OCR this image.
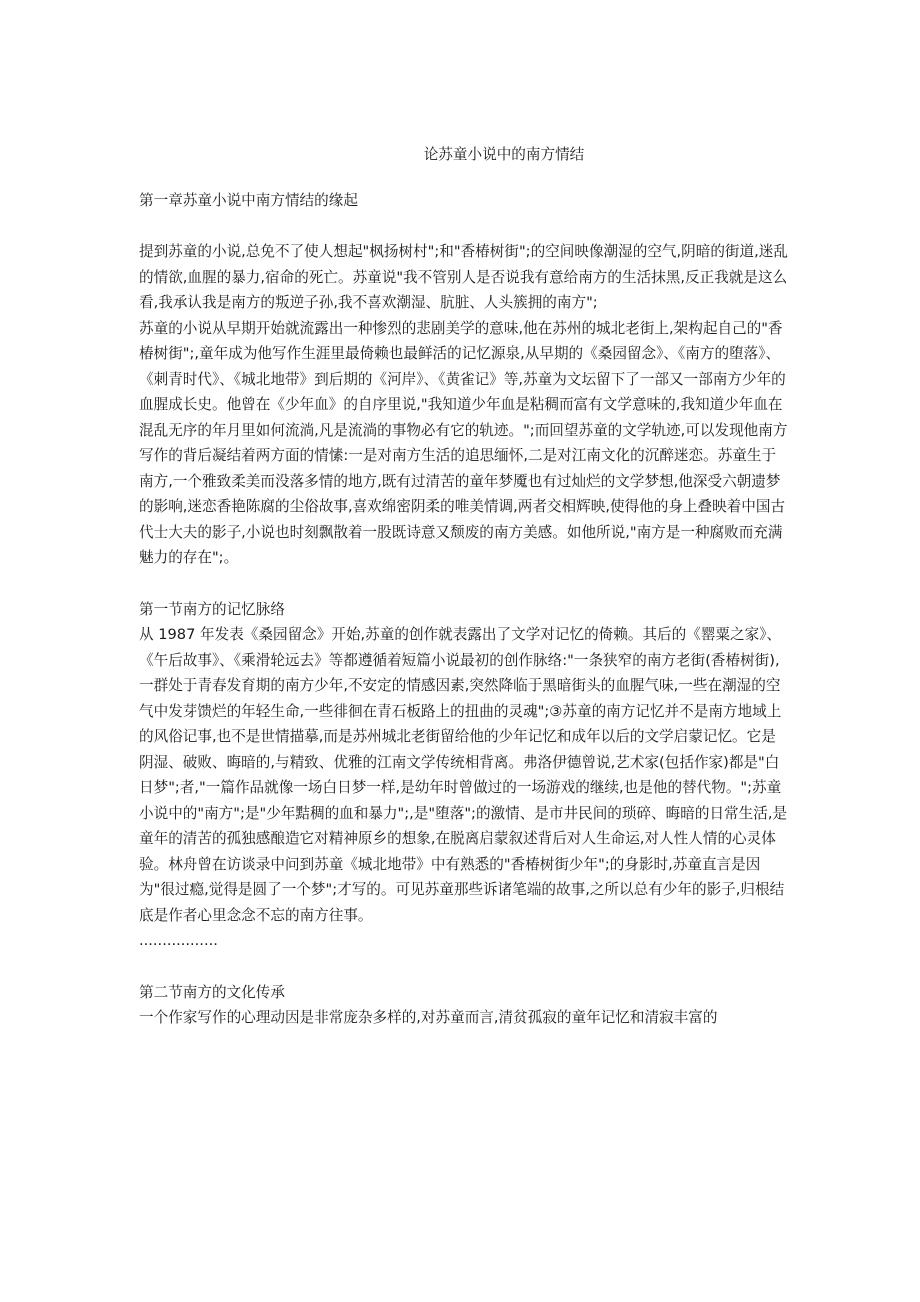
论苏童小说中的南方情结

第一章苏童小说中南方情结的缘起

提到苏童的小说,总免不了使人想起"枫扬树村";和"香椿树街";的空间映像潮湿的空气,阴暗的街道,迷乱的情欲,血腥的暴力,宿命的死亡。苏童说"我不管别人是否说我有意给南方的生活抹黑,反正我就是这么看,我承认我是南方的叛逆子孙,我不喜欢潮湿、肮脏、人头簇拥的南方";

苏童的小说从早期开始就流露出一种惨烈的悲剧美学的意味,他在苏州的城北老街上,架构起自己的"香椿树街";,童年成为他写作生涯里最倚赖也最鲜活的记忆源泉,从早期的《桑园留念》、《南方的堕落》、《刺青时代》、《城北地带》到后期的《河岸》、《黄雀记》等,苏童为文坛留下了一部又一部南方少年的血腥成长史。他曾在《少年血》的自序里说,"我知道少年血是粘稠而富有文学意味的,我知道少年血在混乱无序的年月里如何流淌,凡是流淌的事物必有它的轨迹。";而回望苏童的文学轨迹,可以发现他南方写作的背后凝结着两方面的情愫:一是对南方生活的追思缅怀,二是对江南文化的沉醉迷恋。苏童生于南方,一个雅致柔美而没落多情的地方,既有过清苦的童年梦魇也有过灿烂的文学梦想,他深受六朝遗梦的影响,迷恋香艳陈腐的尘俗故事,喜欢绵密阴柔的唯美情调,两者交相辉映,使得他的身上叠映着中国古代士大夫的影子,小说也时刻飘散着一股既诗意又颓废的南方美感。如他所说,"南方是一种腐败而充满魅力的存在";。

第一节南方的记忆脉络

从 1987 年发表《桑园留念》开始,苏童的创作就表露出了文学对记忆的倚赖。其后的《罂粟之家》、《午后故事》、《乘滑轮远去》等都遵循着短篇小说最初的创作脉络:"一条狭窄的南方老街(香椿树街),一群处于青春发育期的南方少年,不安定的情感因素,突然降临于黑暗街头的血腥气味,一些在潮湿的空气中发芽馈烂的年轻生命,一些徘徊在青石板路上的扭曲的灵魂";③苏童的南方记忆并不是南方地域上的风俗记事,也不是世情描摹,而是苏州城北老街留给他的少年记忆和成年以后的文学启蒙记忆。它是阴湿、破败、晦暗的,与精致、优雅的江南文学传统相背离。弗洛伊德曾说,艺术家(包括作家)都是"白日梦";者,"一篇作品就像一场白日梦一样,是幼年时曾做过的一场游戏的继续,也是他的替代物。";苏童小说中的"南方";是"少年黠稠的血和暴力";,是"堕落";的激情、是市井民间的琐碎、晦暗的日常生活,是童年的清苦的孤独感酿造它对精神原乡的想象,在脱离启蒙叙述背后对人生命运,对人性人情的心灵体验。林舟曾在访谈录中问到苏童《城北地带》中有熟悉的"香椿树街少年";的身影时,苏童直言是因为"很过瘾,觉得是圆了一个梦";才写的。可见苏童那些诉诸笔端的故事,之所以总有少年的影子,归根结底是作者心里念念不忘的南方往事。

.................

第二节南方的文化传承

一个作家写作的心理动因是非常庞杂多样的,对苏童而言,清贫孤寂的童年记忆和清寂丰富的
